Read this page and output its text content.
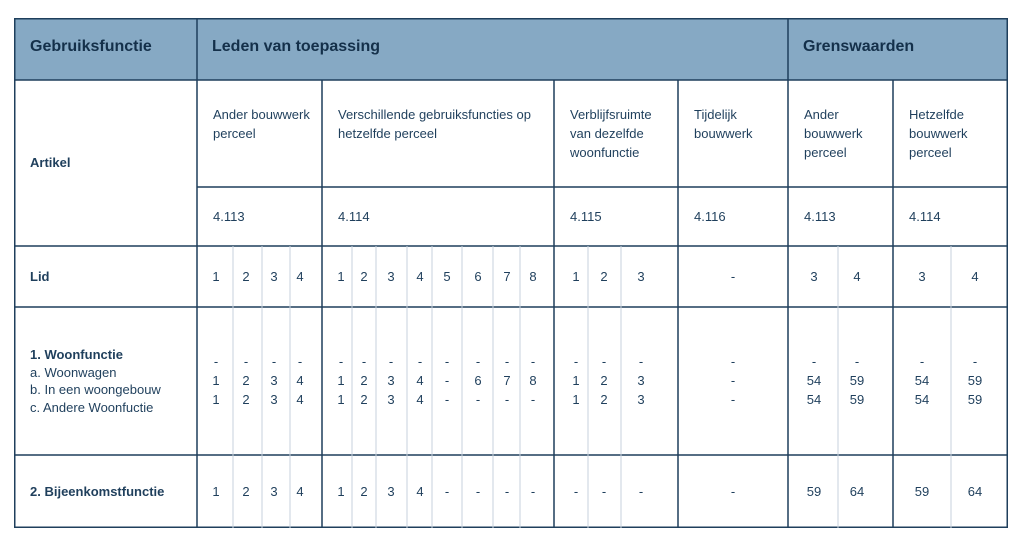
Gebruiksfunctie	Leden van toepassing	Grenswaarden
Artikel
Lid
1. Woonfunctie
a. Woonwagen
b. In een woongebouw
c. Andere Woonfuctie
2. Bijeenkomstfunctie
Ander bouwwerk perceel
4.113
1
-
1
1
1
2
-
2
2
2
3
-
3
3
3
4
-
4
4
4
Verschillende gebruiksfuncties op hetzelfde perceel
4.114
1
-
1
1
1
2
-
2
2
2
3
-
3
3
3
4
-
4
4
4
5
-
-
-
-
6
-
6
-
-
7
-
7
-
-
8
-
8
-
-
Verblijfsruimte van dezelfde woonfunctie
4.115
1
-
1
1
-
2
-
2
2
-
3
-
3
3
-
Tijdelijk bouwwerk
4.116
-
-
-
-
-
Ander bouwwerk perceel
4.113
3
-
54
54
59
4
-
59
59
64
Hetzelfde bouwwerk perceel
4.114
3
-
54
54
59
4
-
59
59
64
